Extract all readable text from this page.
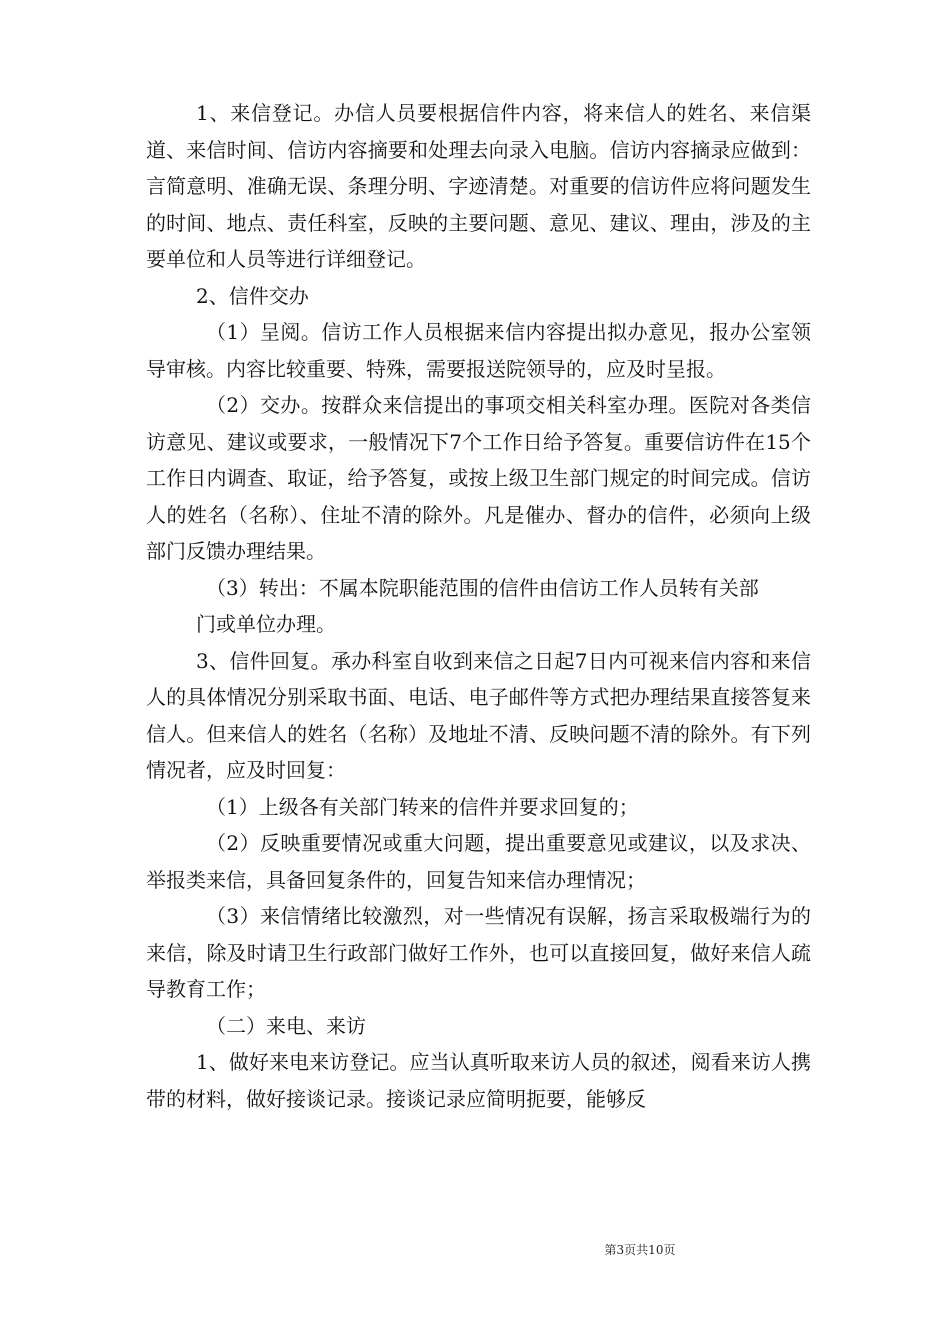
1、来信登记。办信人员要根据信件内容，将来信人的姓名、来信渠道、来信时间、信访内容摘要和处理去向录入电脑。信访内容摘录应做到：言简意明、准确无误、条理分明、字迹清楚。对重要的信访件应将问题发生的时间、地点、责任科室，反映的主要问题、意见、建议、理由，涉及的主要单位和人员等进行详细登记。

2、信件交办

（1）呈阅。信访工作人员根据来信内容提出拟办意见，报办公室领导审核。内容比较重要、特殊，需要报送院领导的，应及时呈报。

（2）交办。按群众来信提出的事项交相关科室办理。医院对各类信访意见、建议或要求，一般情况下7个工作日给予答复。重要信访件在15个工作日内调查、取证，给予答复，或按上级卫生部门规定的时间完成。信访人的姓名（名称）、住址不清的除外。凡是催办、督办的信件，必须向上级部门反馈办理结果。

（3）转出：不属本院职能范围的信件由信访工作人员转有关部

门或单位办理。

3、信件回复。承办科室自收到来信之日起7日内可视来信内容和来信人的具体情况分别采取书面、电话、电子邮件等方式把办理结果直接答复来信人。但来信人的姓名（名称）及地址不清、反映问题不清的除外。有下列情况者，应及时回复：

（1）上级各有关部门转来的信件并要求回复的；

（2）反映重要情况或重大问题，提出重要意见或建议，以及求决、举报类来信，具备回复条件的，回复告知来信办理情况；

（3）来信情绪比较激烈，对一些情况有误解，扬言采取极端行为的来信，除及时请卫生行政部门做好工作外，也可以直接回复，做好来信人疏导教育工作；

（二）来电、来访

1、做好来电来访登记。应当认真听取来访人员的叙述，阅看来访人携带的材料，做好接谈记录。接谈记录应简明扼要，能够反

第3页共10页
